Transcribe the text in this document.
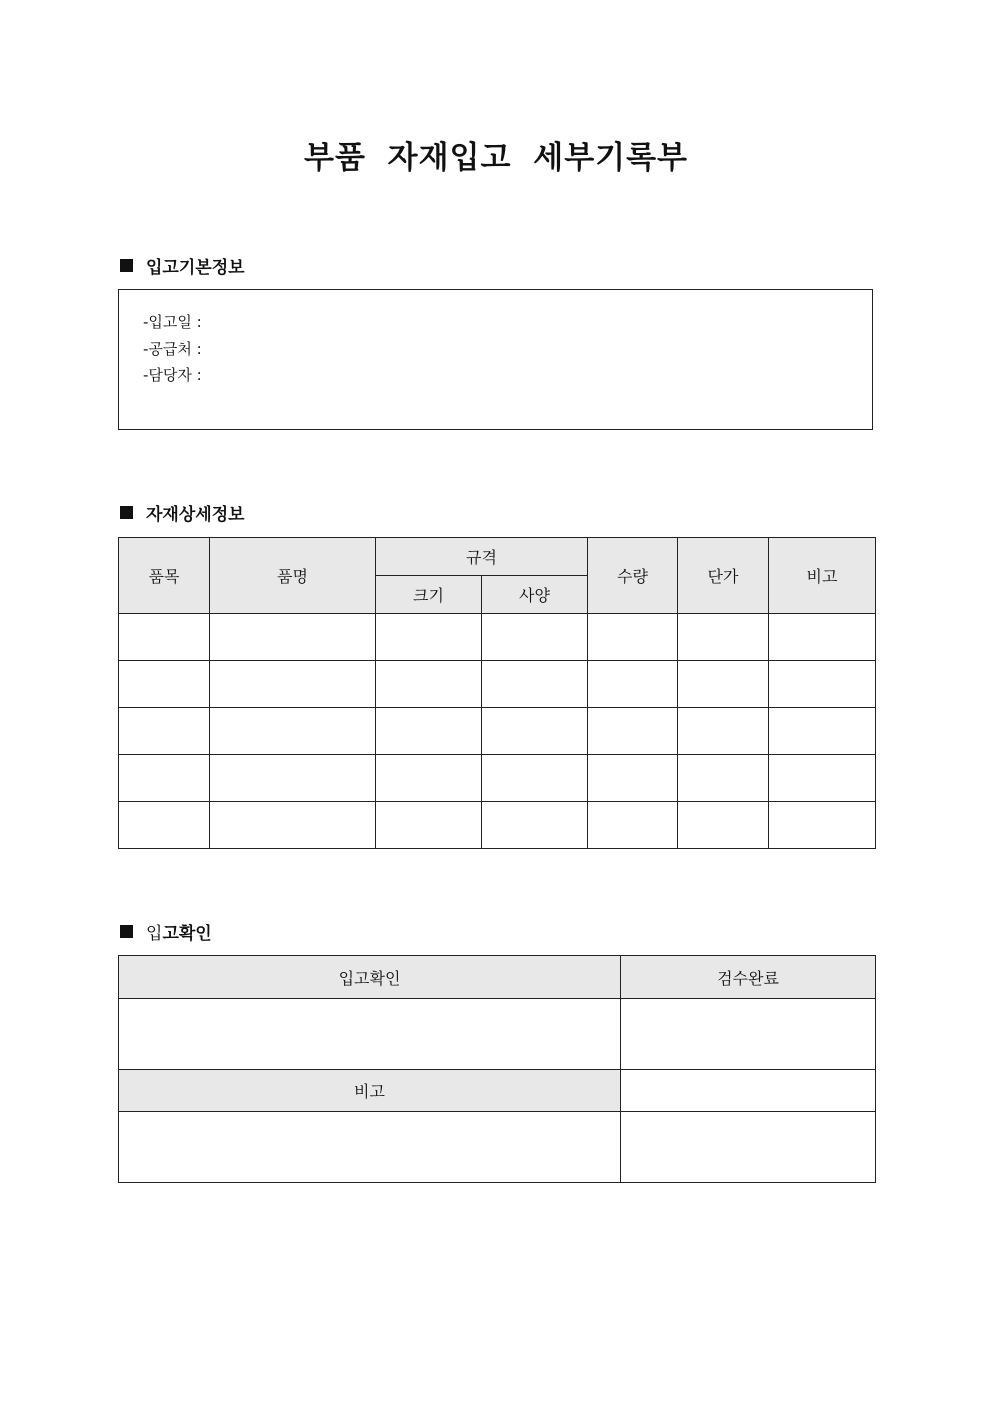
부품 자재입고 세부기록부
입고기본정보
-입고일 :
-공급처 :
-담당자 :
자재상세정보
품목	품명	규격		수량	단가	비고
		크기	사양			

입 고확인
입고확인	검수완료

비고	
